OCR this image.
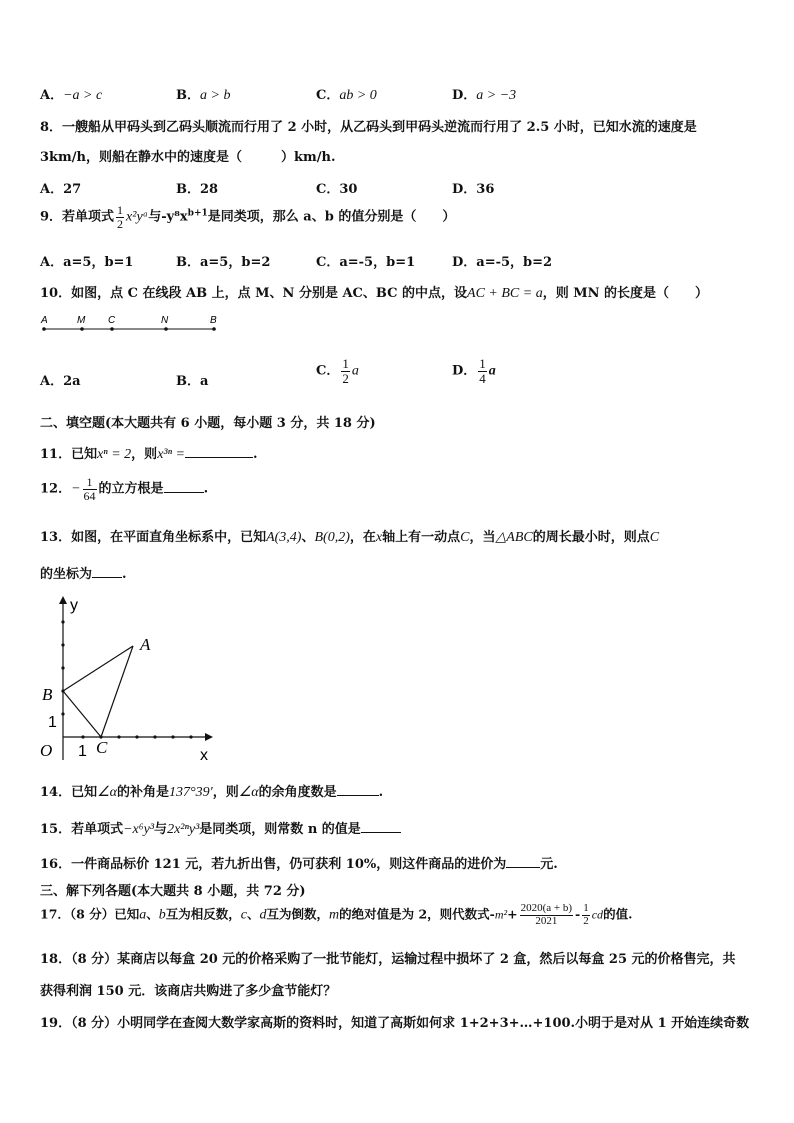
A．−a > c	B．a > b	C．ab > 0	D．a > −3
8．一艘船从甲码头到乙码头顺流而行用了 2 小时，从乙码头到甲码头逆流而行用了 2.5 小时，已知水流的速度是
3km/h，则船在静水中的速度是（　　　）km/h.
A．27	B．28	C．30	D．36
9．若单项式 $\frac{1}{2}$ x²yᵃ与$-y^8x^{b+1}$是同类项，那么 a、b 的值分别是（　　）
A．a=5，b=1	B．a=5，b=2	C．a=-5，b=1	D．a=-5，b=2
10．如图，点 C 在线段 AB 上，点 M、N 分别是 AC、BC 的中点，设AC + BC = a，则 MN 的长度是（　　）
A	M C	N	B
A．2a	B．a
C． $\frac{1}{2}$ a	D． $\frac{1}{4}$ a
二、填空题(本大题共有 6 小题，每小题 3 分，共 18 分)
11．已知xⁿ = 2，则x³ⁿ =	.
12．− $\frac{1}{64}$ 的立方根是	.
13．如图，在平面直角坐标系中，已知A(3,4)、B(0,2)，在x轴上有一动点C，当△ABC的周长最小时，则点C
的坐标为 .
y
x
A
B
C
O 1
1
14．已知∠α的补角是137°39′，则∠α的余角度数是	.
15．若单项式−x⁶y³与2x²ⁿy³是同类项，则常数 n 的值是
16．一件商品标价 121 元，若九折出售，仍可获利 10%，则这件商品的进价为	元.
三、解下列各题(本大题共 8 小题，共 72 分)
17．（8 分）已知a、b互为相反数，c、d互为倒数，m的绝对值是为 2，则代数式$-m^2+ \frac{2020(a + b)}{2021} - \frac{1}{2}$ cd的值.
18．（8 分）某商店以每盒 20 元的价格采购了一批节能灯，运输过程中损坏了 2 盒，然后以每盒 25 元的价格售完，共
获得利润 150 元．该商店共购进了多少盒节能灯？
19．（8 分）小明同学在查阅大数学家高斯的资料时，知道了高斯如何求 1+2+3+…+100.小明于是对从 1 开始连续奇数
